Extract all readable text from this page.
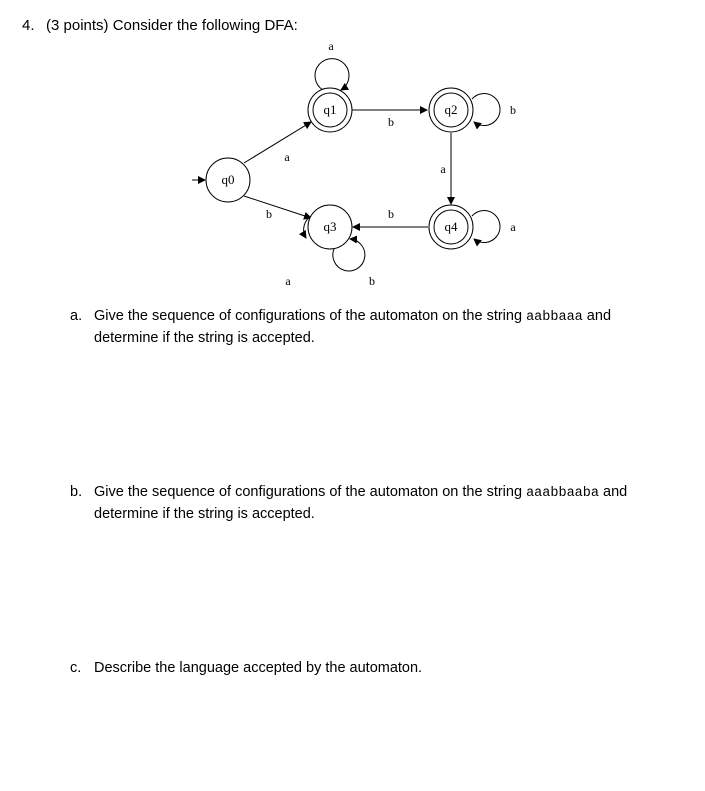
4. (3 points) Consider the following DFA:
q0
q1	q2
q3	q4
a
b
a
b
b
a
a
b
a	b
a. Give the sequence of configurations of the automaton on the string aabbaaa and determine if the string is accepted.
b. Give the sequence of configurations of the automaton on the string aaabbaaba and determine if the string is accepted.
c. Describe the language accepted by the automaton.
